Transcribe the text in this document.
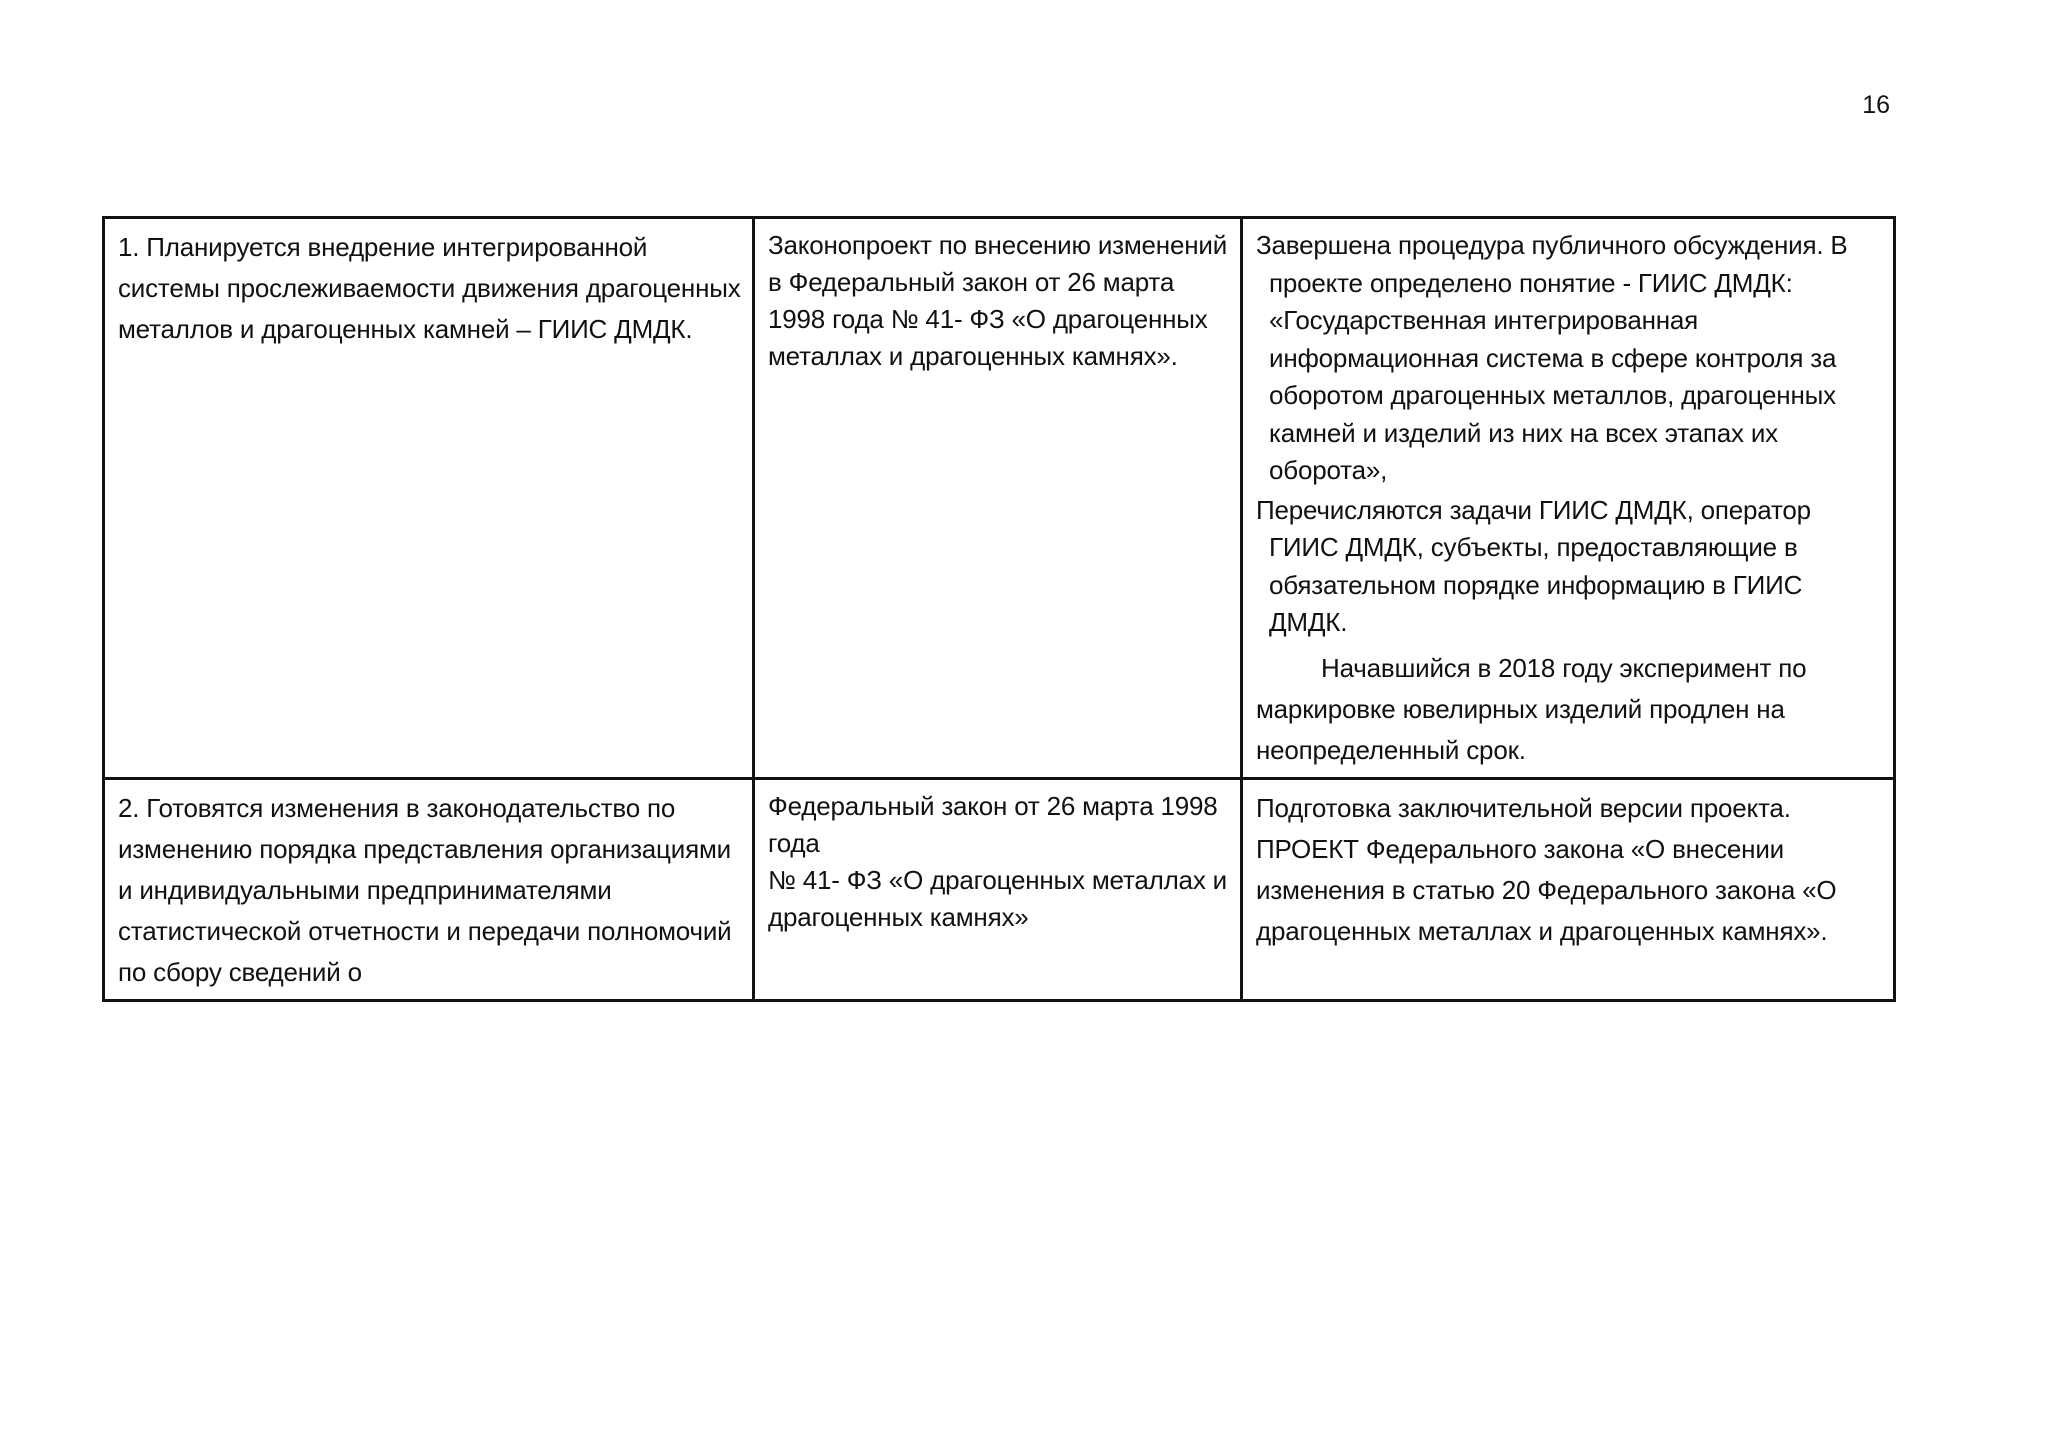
16
1. Планируется внедрение интегрированной системы прослеживаемости движения драгоценных металлов и драгоценных камней – ГИИС ДМДК.	Законопроект по внесению изменений в Федеральный закон от 26 марта 1998 года № 41- ФЗ «О драгоценных металлах и драгоценных камнях».	Завершена процедура публичного обсуждения. В проекте определено понятие - ГИИС ДМДК: «Государственная интегрированная информационная система в сфере контроля за оборотом драгоценных металлов, драгоценных камней и изделий из них на всех этапах их оборота»,

Перечисляются задачи ГИИС ДМДК, оператор ГИИС ДМДК, субъекты, предоставляющие в обязательном порядке информацию в ГИИС ДМДК.

Начавшийся в 2018 году эксперимент по маркировке ювелирных изделий продлен на неопределенный срок.

2. Готовятся изменения в законодательство по изменению порядка представления организациями и индивидуальными предпринимателями статистической отчетности и передачи полномочий по сбору сведений о	Федеральный закон от 26 марта 1998 года
№ 41- ФЗ «О драгоценных металлах и драгоценных камнях»	Подготовка заключительной версии проекта.
ПРОЕКТ Федерального закона «О внесении изменения в статью 20 Федерального закона «О драгоценных металлах и драгоценных камнях».
